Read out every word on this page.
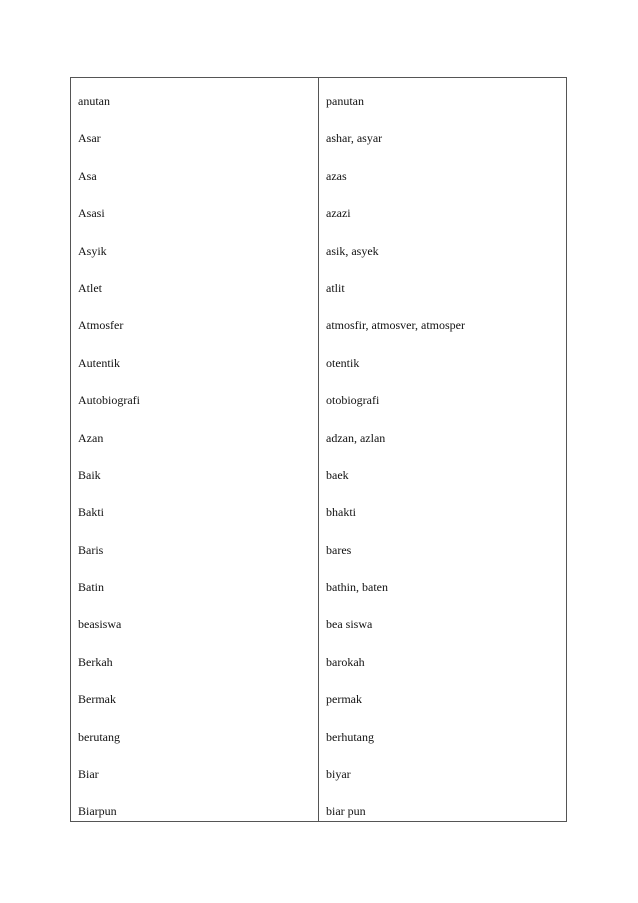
anutan
Asar
Asa
Asasi
Asyik
Atlet
Atmosfer
Autentik
Autobiografi
Azan
Baik
Bakti
Baris
Batin
beasiswa
Berkah
Bermak
berutang
Biar
Biarpun
panutan
ashar, asyar
azas
azazi
asik, asyek
atlit
atmosfir, atmosver, atmosper
otentik
otobiografi
adzan, azlan
baek
bhakti
bares
bathin, baten
bea siswa
barokah
permak
berhutang
biyar
biar pun
